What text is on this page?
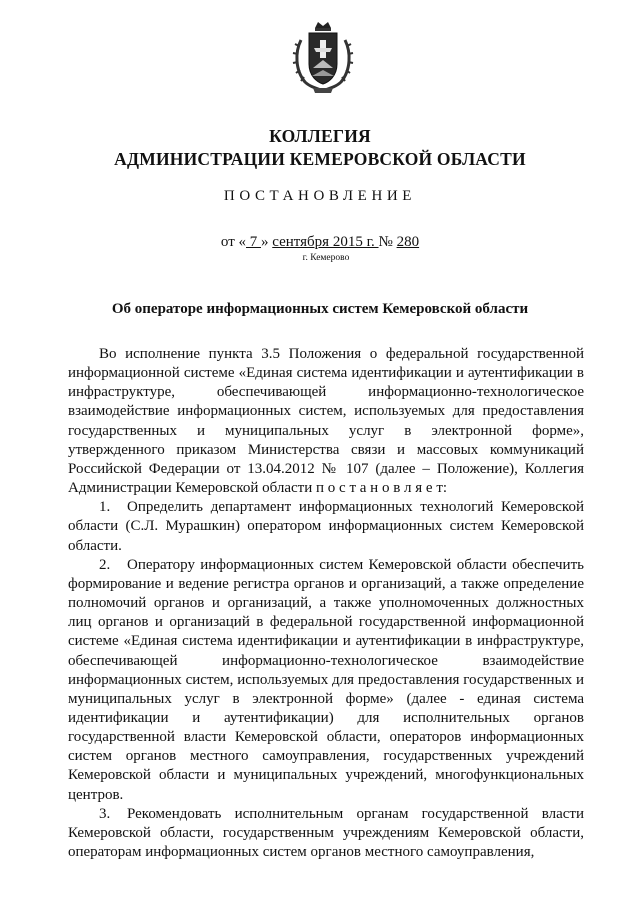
КОЛЛЕГИЯ
АДМИНИСТРАЦИИ КЕМЕРОВСКОЙ ОБЛАСТИ
ПОСТАНОВЛЕНИЕ
от « 7 » сентября 2015 г. № 280
г. Кемерово
Об операторе информационных систем Кемеровской области

Во исполнение пункта 3.5 Положения о федеральной государственной информационной системе «Единая система идентификации и аутентификации в инфраструктуре, обеспечивающей информационно-технологическое взаимодействие информационных систем, используемых для предоставления государственных и муниципальных услуг в электронной форме», утвержденного приказом Министерства связи и массовых коммуникаций Российской Федерации от 13.04.2012 № 107 (далее – Положение), Коллегия Администрации Кемеровской области п о с т а н о в л я е т:

1. Определить департамент информационных технологий Кемеровской области (С.Л. Мурашкин) оператором информационных систем Кемеровской области.

2. Оператору информационных систем Кемеровской области обеспечить формирование и ведение регистра органов и организаций, а также определение полномочий органов и организаций, а также уполномоченных должностных лиц органов и организаций в федеральной государственной информационной системе «Единая система идентификации и аутентификации в инфраструктуре, обеспечивающей информационно-технологическое взаимодействие информационных систем, используемых для предоставления государственных и муниципальных услуг в электронной форме» (далее - единая система идентификации и аутентификации) для исполнительных органов государственной власти Кемеровской области, операторов информационных систем органов местного самоуправления, государственных учреждений Кемеровской области и муниципальных учреждений, многофункциональных центров.

3. Рекомендовать исполнительным органам государственной власти Кемеровской области, государственным учреждениям Кемеровской области, операторам информационных систем органов местного самоуправления,
